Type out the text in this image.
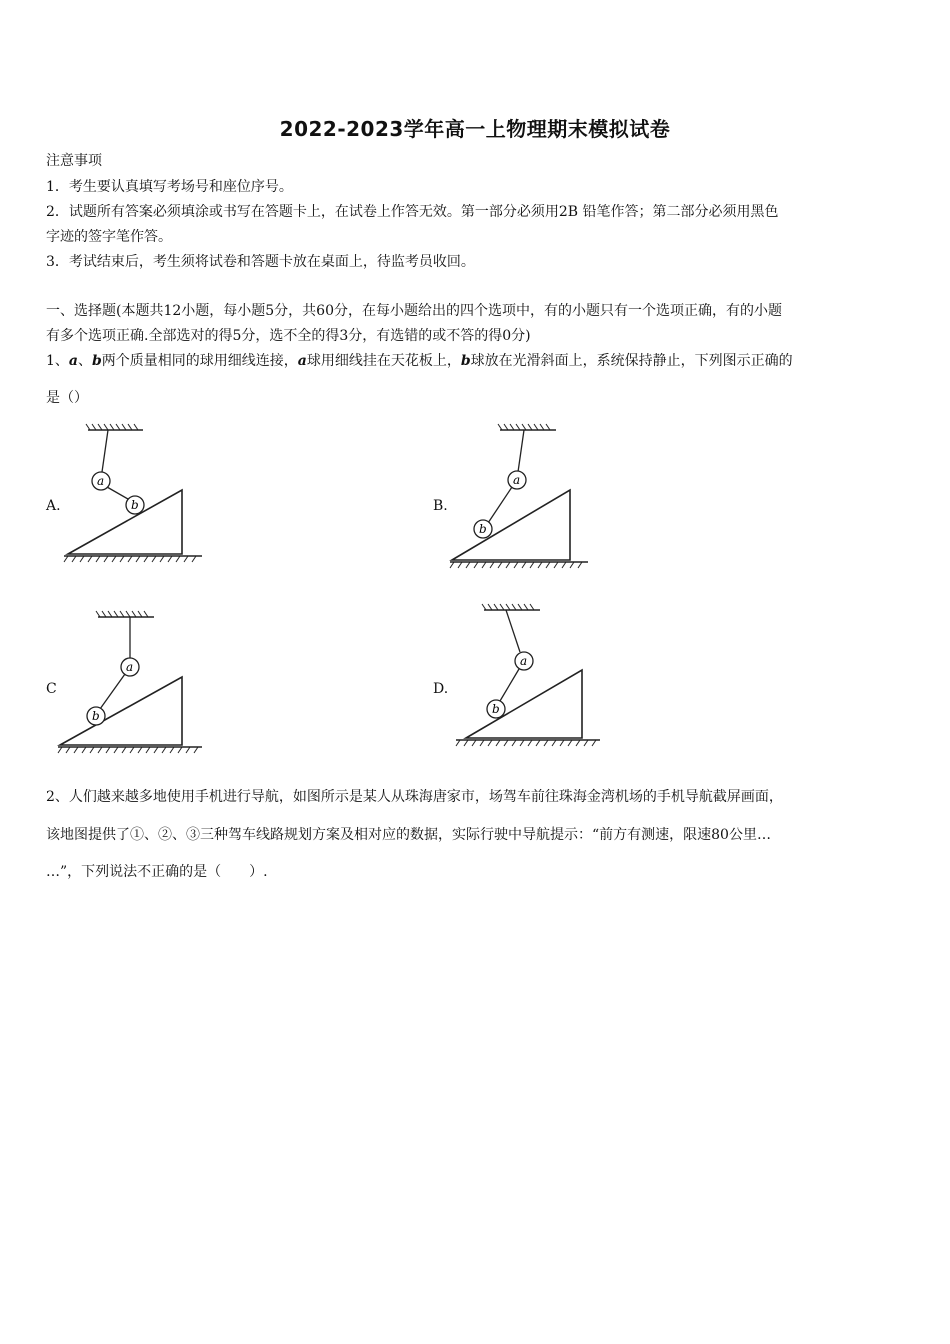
2022-2023学年高一上物理期末模拟试卷
注意事项
1．考生要认真填写考场号和座位序号。
2．试题所有答案必须填涂或书写在答题卡上，在试卷上作答无效。第一部分必须用2B 铅笔作答；第二部分必须用黑色
字迹的签字笔作答。
3．考试结束后，考生须将试卷和答题卡放在桌面上，待监考员收回。
一、选择题(本题共12小题，每小题5分，共60分，在每小题给出的四个选项中，有的小题只有一个选项正确，有的小题
有多个选项正确.全部选对的得5分，选不全的得3分，有选错的或不答的得0分)
1、a、b两个质量相同的球用细线连接，a球用细线挂在天花板上，b球放在光滑斜面上，系统保持静止，下列图示正确的
是（）
A.
a
b	B.
a
b
C
a
b
D.
a
b
2、人们越来越多地使用手机进行导航，如图所示是某人从珠海唐家市，场驾车前往珠海金湾机场的手机导航截屏画面，
该地图提供了①、②、③三种驾车线路规划方案及相对应的数据，实际行驶中导航提示：“前方有测速，限速80公里…
…”，下列说法不正确的是（　　）.
